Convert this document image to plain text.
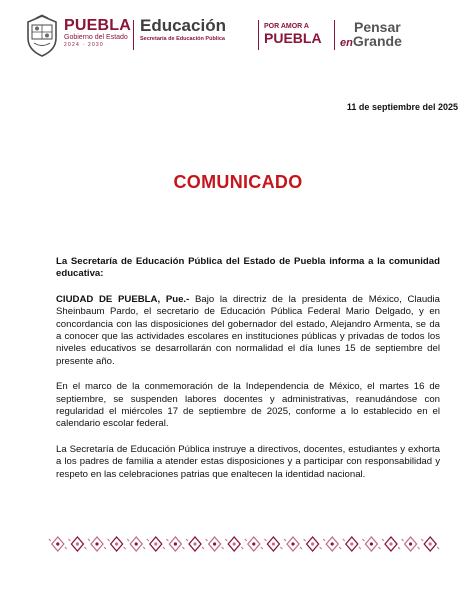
PUEBLA
Gobierno del Estado
2024 · 2030
Educación
Secretaría de Educación Pública
POR AMOR A
PUEBLA
Pensar
enGrande
11 de septiembre del 2025
COMUNICADO

La Secretaría de Educación Pública del Estado de Puebla informa a la comunidad educativa:

CIUDAD DE PUEBLA, Pue.- Bajo la directriz de la presidenta de México, Claudia Sheinbaum Pardo, el secretario de Educación Pública Federal Mario Delgado, y en concordancia con las disposiciones del gobernador del estado, Alejandro Armenta, se da a conocer que las actividades escolares en instituciones públicas y privadas de todos los niveles educativos se desarrollarán con normalidad el día lunes 15 de septiembre del presente año.

En el marco de la conmemoración de la Independencia de México, el martes 16 de septiembre, se suspenden labores docentes y administrativas, reanudándose con regularidad el miércoles 17 de septiembre de 2025, conforme a lo establecido en el calendario escolar federal.

La Secretaría de Educación Pública instruye a directivos, docentes, estudiantes y exhorta a los padres de familia a atender estas disposiciones y a participar con responsabilidad y respeto en las celebraciones patrias que enaltecen la identidad nacional.
